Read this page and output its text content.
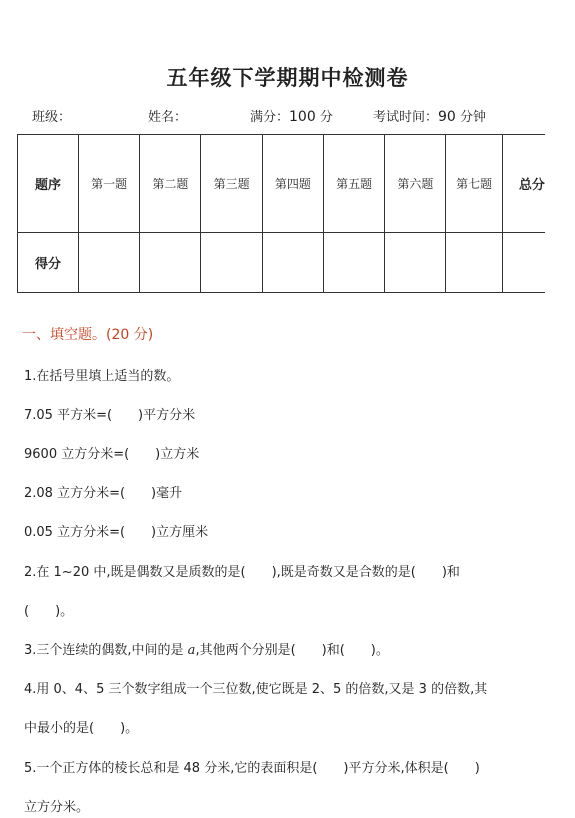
五年级下学期期中检测卷
班级：	姓名：	满分：100 分	考试时间：90 分钟
题序	第一题	第二题	第三题	第四题	第五题	第六题	第七题	总分
得分								
一、填空题。(20 分)
1.在括号里填上适当的数。
7.05 平方米=(　　)平方分米
9600 立方分米=(　　)立方米
2.08 立方分米=(　　)毫升
0.05 立方分米=(　　)立方厘米
2.在 1~20 中,既是偶数又是质数的是(　　),既是奇数又是合数的是(　　)和
(　　)。
3.三个连续的偶数,中间的是 a,其他两个分别是(　　)和(　　)。
4.用 0、4、5 三个数字组成一个三位数,使它既是 2、5 的倍数,又是 3 的倍数,其
中最小的是(　　)。
5.一个正方体的棱长总和是 48 分米,它的表面积是(　　)平方分米,体积是(　　)
立方分米。
